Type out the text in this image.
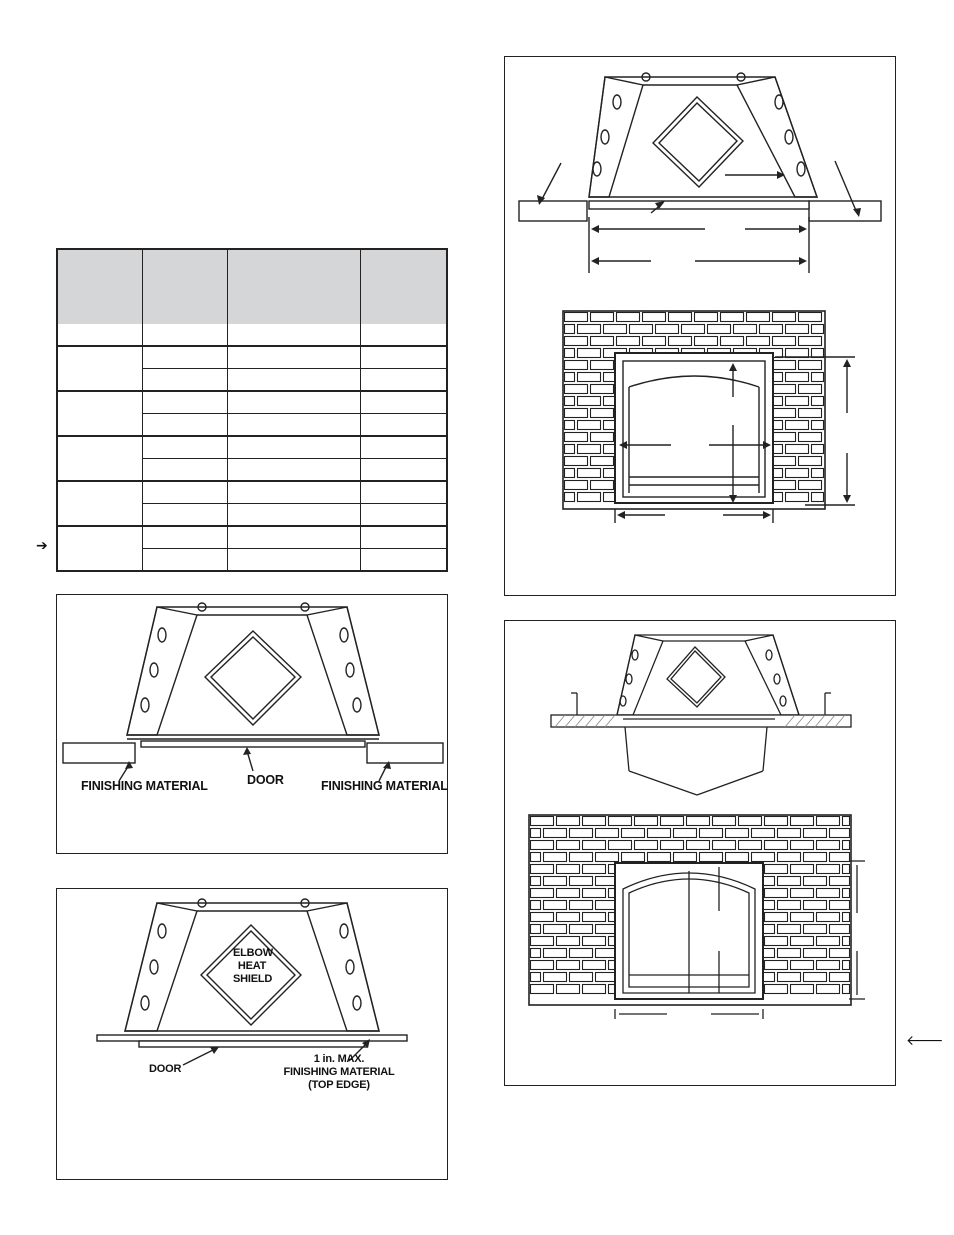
➔
FINISHING MATERIAL	DOOR	FINISHING MATERIAL
ELBOW
HEAT
SHIELD
DOOR
1 in. MAX.
FINISHING MATERIAL
(TOP EDGE)
🡐
